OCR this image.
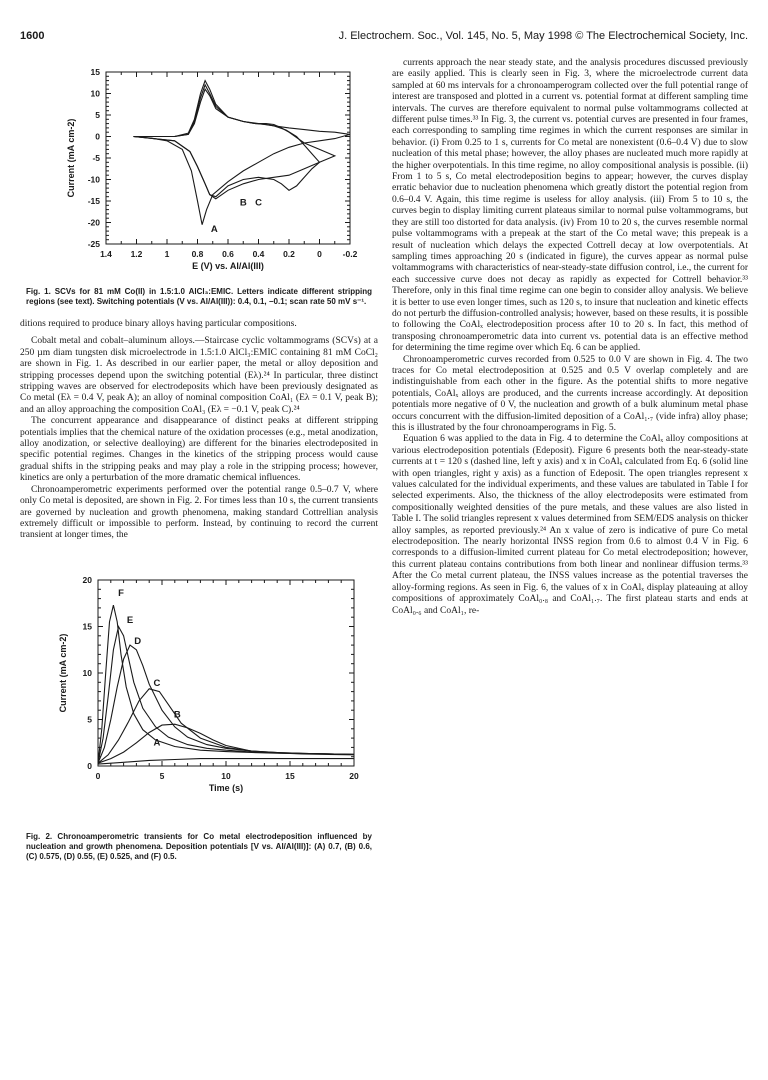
1600	J. Electrochem. Soc., Vol. 145, No. 5, May 1998 © The Electrochemical Society, Inc.
1.4 1.2	1	0.8 0.6 0.4 0.2	0 -0.2
15
10
5
0
-5
-10
-15
-20
-25
E (V) vs. Al/Al(III)
Current (mA cm-2)
A
B C
Fig. 1. SCVs for 81 mM Co(II) in 1.5:1.0 AlCl₃:EMIC. Letters indicate different stripping regions (see text). Switching potentials (V vs. Al/Al(III)): 0.4, 0.1, −0.1; scan rate 50 mV s⁻¹.

ditions required to produce binary alloys having particular compositions.

Cobalt metal and cobalt–aluminum alloys.—Staircase cyclic voltammograms (SCVs) at a 250 µm diam tungsten disk microelectrode in 1.5:1.0 AlCl₃:EMIC containing 81 mM CoCl₂ are shown in Fig. 1. As described in our earlier paper, the metal or alloy deposition and stripping processes depend upon the switching potential (Eλ).²⁴ In particular, three distinct stripping waves are observed for electrodeposits which have been previously designated as Co metal (Eλ = 0.4 V, peak A); an alloy of nominal composition CoAl₁ (Eλ = 0.1 V, peak B); and an alloy approaching the composition CoAl₃ (Eλ = −0.1 V, peak C).²⁴

The concurrent appearance and disappearance of distinct peaks at different stripping potentials implies that the chemical nature of the oxidation processes (e.g., metal anodization, alloy anodization, or selective dealloying) are different for the binaries electrodeposited in specific potential regimes. Changes in the kinetics of the stripping process would cause gradual shifts in the stripping peaks and may play a role in the stripping process; however, kinetics are only a perturbation of the more dramatic chemical influences.

Chronoamperometric experiments performed over the potential range 0.5–0.7 V, where only Co metal is deposited, are shown in Fig. 2. For times less than 10 s, the current transients are governed by nucleation and growth phenomena, making standard Cottrellian analysis extremely difficult or impossible to perform. Instead, by continuing to record the current transient at longer times, the

0	5	10	15	20
20
15
10
5
0
Time (s)
Current (mA cm-2)
A
B
C
D
E
F
Fig. 2. Chronoamperometric transients for Co metal electrodeposition influenced by nucleation and growth phenomena. Deposition potentials [V vs. Al/Al(III)]: (A) 0.7, (B) 0.6, (C) 0.575, (D) 0.55, (E) 0.525, and (F) 0.5.

currents approach the near steady state, and the analysis procedures discussed previously are easily applied. This is clearly seen in Fig. 3, where the microelectrode current data sampled at 60 ms intervals for a chronoamperogram collected over the full potential range of interest are transposed and plotted in a current vs. potential format at different sampling time intervals. The curves are therefore equivalent to normal pulse voltammograms collected at different pulse times.³³ In Fig. 3, the current vs. potential curves are presented in four frames, each corresponding to sampling time regimes in which the current responses are similar in behavior. (i) From 0.25 to 1 s, currents for Co metal are nonexistent (0.6–0.4 V) due to slow nucleation of this metal phase; however, the alloy phases are nucleated much more rapidly at the higher overpotentials. In this time regime, no alloy compositional analysis is possible. (ii) From 1 to 5 s, Co metal electrodeposition begins to appear; however, the curves display erratic behavior due to nucleation phenomena which greatly distort the potential region from 0.6–0.4 V. Again, this time regime is useless for alloy analysis. (iii) From 5 to 10 s, the curves begin to display limiting current plateaus similar to normal pulse voltammograms, but they are still too distorted for data analysis. (iv) From 10 to 20 s, the curves resemble normal pulse voltammograms with a prepeak at the start of the Co metal wave; this prepeak is a result of nucleation which delays the expected Cottrell decay at low overpotentials. At sampling times approaching 20 s (indicated in figure), the curves appear as normal pulse voltammograms with characteristics of near-steady-state diffusion control, i.e., the current for each successive curve does not decay as rapidly as expected for Cottrell behavior.³³ Therefore, only in this final time regime can one begin to consider alloy analysis. We believe it is better to use even longer times, such as 120 s, to insure that nucleation and kinetic effects do not perturb the diffusion-controlled analysis; however, based on these results, it is possible to following the CoAlₓ electrodeposition process after 10 to 20 s. In fact, this method of transposing chronoamperometric data into current vs. potential data is an effective method for determining the time regime over which Eq. 6 can be applied.

Chronoamperometric curves recorded from 0.525 to 0.0 V are shown in Fig. 4. The two traces for Co metal electrodeposition at 0.525 and 0.5 V overlap completely and are indistinguishable from each other in the figure. As the potential shifts to more negative potentials, CoAlₓ alloys are produced, and the currents increase accordingly. At deposition potentials more negative of 0 V, the nucleation and growth of a bulk aluminum metal phase occurs concurrent with the diffusion-limited deposition of a CoAl₁.₇ (vide infra) alloy phase; this is illustrated by the four chronoamperograms in Fig. 5.

Equation 6 was applied to the data in Fig. 4 to determine the CoAlₓ alloy compositions at various electrodeposition potentials (Edeposit). Figure 6 presents both the near-steady-state currents at t = 120 s (dashed line, left y axis) and x in CoAlₓ calculated from Eq. 6 (solid line with open triangles, right y axis) as a function of Edeposit. The open triangles represent x values calculated for the individual experiments, and these values are tabulated in Table I for selected experiments. Also, the thickness of the alloy electrodeposits were estimated from compositionally weighted densities of the pure metals, and these values are also listed in Table I. The solid triangles represent x values determined from SEM/EDS analysis on thicker alloy samples, as reported previously.²⁴ An x value of zero is indicative of pure Co metal electrodeposition. The nearly horizontal INSS region from 0.6 to almost 0.4 V in Fig. 6 corresponds to a diffusion-limited current plateau for Co metal electrodeposition; however, this current plateau contains contributions from both linear and nonlinear diffusion terms.³³ After the Co metal current plateau, the INSS values increase as the potential traverses the alloy-forming regions. As seen in Fig. 6, the values of x in CoAlₓ display plateauing at alloy compositions of approximately CoAl₀.₈ and CoAl₁.₇. The first plateau starts and ends at CoAl₀.₆ and CoAl₁, re-
